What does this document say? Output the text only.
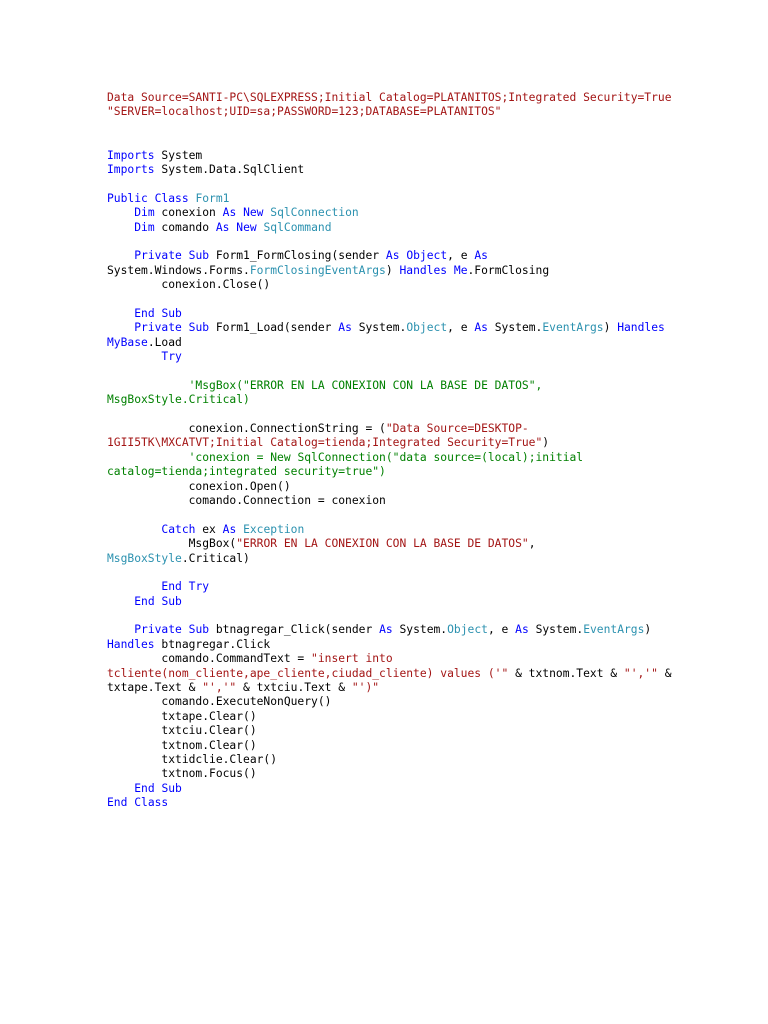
Data Source=SANTI-PC\SQLEXPRESS;Initial Catalog=PLATANITOS;Integrated Security=True
"SERVER=localhost;UID=sa;PASSWORD=123;DATABASE=PLATANITOS"

Imports System
Imports System.Data.SqlClient

Public Class Form1
Dim conexion As New SqlConnection
Dim comando As New SqlCommand

Private Sub Form1_FormClosing(sender As Object, e As
System.Windows.Forms.FormClosingEventArgs) Handles Me.FormClosing
conexion.Close()

End Sub
Private Sub Form1_Load(sender As System.Object, e As System.EventArgs) Handles
MyBase.Load
Try

'MsgBox("ERROR EN LA CONEXION CON LA BASE DE DATOS",
MsgBoxStyle.Critical)

conexion.ConnectionString = ("Data Source=DESKTOP-
1GII5TK\MXCATVT;Initial Catalog=tienda;Integrated Security=True")
'conexion = New SqlConnection("data source=(local);initial
catalog=tienda;integrated security=true")
conexion.Open()
comando.Connection = conexion

Catch ex As Exception
MsgBox("ERROR EN LA CONEXION CON LA BASE DE DATOS",
MsgBoxStyle.Critical)

End Try
End Sub

Private Sub btnagregar_Click(sender As System.Object, e As System.EventArgs)
Handles btnagregar.Click
comando.CommandText = "insert into
tcliente(nom_cliente,ape_cliente,ciudad_cliente) values ('" & txtnom.Text & "','" &
txtape.Text & "','" & txtciu.Text & "')"
comando.ExecuteNonQuery()
txtape.Clear()
txtciu.Clear()
txtnom.Clear()
txtidclie.Clear()
txtnom.Focus()
End Sub
End Class
